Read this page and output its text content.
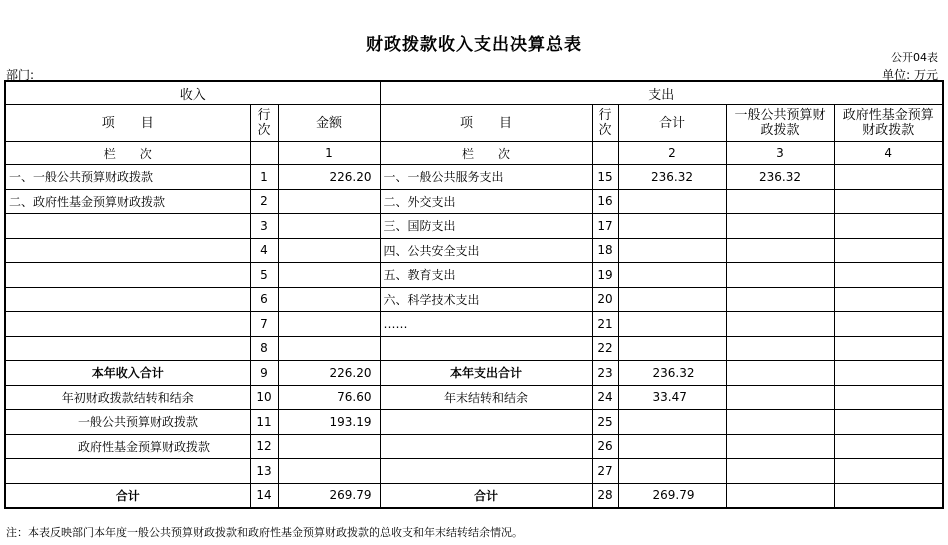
财政拨款收入支出决算总表
公开04表
部门:	单位: 万元
收入			支出				
项　　目	行次	金额	项　　目	行次	合计	一般公共预算财政拨款	政府性基金预算财政拨款
栏　　次		1	栏　　次		2	3	4
一、一般公共预算财政拨款	1	226.20	一、一般公共服务支出	15	236.32	236.32	
二、政府性基金预算财政拨款	2		二、外交支出	16			
	3		三、国防支出	17			
	4		四、公共安全支出	18			
	5		五、教育支出	19			
	6		六、科学技术支出	20			
	7		……	21			
	8			22			
本年收入合计	9	226.20	本年支出合计	23	236.32		
年初财政拨款结转和结余	10	76.60	年末结转和结余	24	33.47		
一般公共预算财政拨款	11	193.19		25			
政府性基金预算财政拨款	12			26			
	13			27			
合计	14	269.79	合计	28	269.79		
注：本表反映部门本年度一般公共预算财政拨款和政府性基金预算财政拨款的总收支和年末结转结余情况。
